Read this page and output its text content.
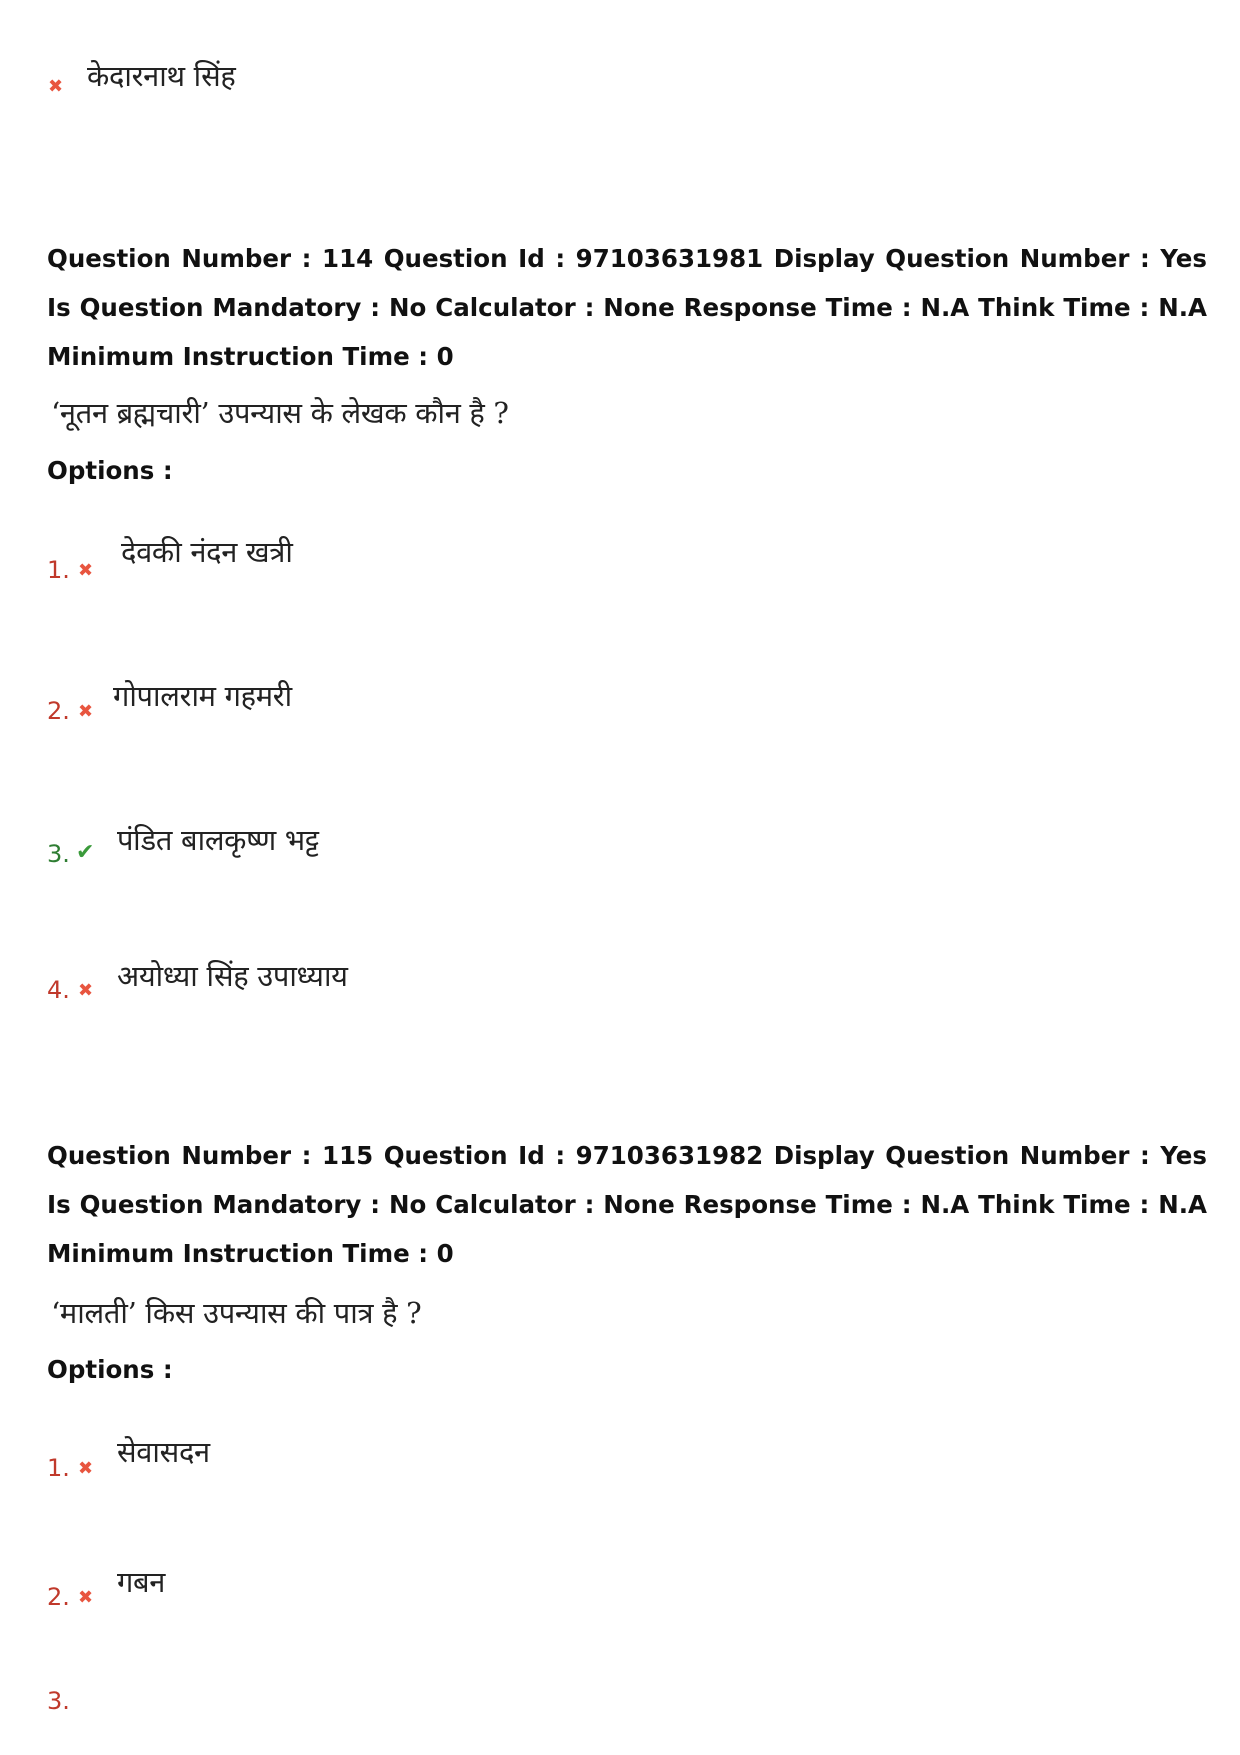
✖ केदारनाथ सिंह
Question Number : 114 Question Id : 97103631981 Display Question Number : Yes Is Question Mandatory : No Calculator : None Response Time : N.A Think Time : N.A Minimum Instruction Time : 0
‘नूतन ब्रह्मचारी’ उपन्यास के लेखक कौन है ?
Options :
1. ✖
देवकी नंदन खत्री
2. ✖ गोपालराम गहमरी
3. ✔ पंडित बालकृष्ण भट्ट
4. ✖ अयोध्या सिंह उपाध्याय
Question Number : 115 Question Id : 97103631982 Display Question Number : Yes Is Question Mandatory : No Calculator : None Response Time : N.A Think Time : N.A Minimum Instruction Time : 0
‘मालती’ किस उपन्यास की पात्र है ?
Options :
1. ✖ सेवासदन
2. ✖ गबन
3.
